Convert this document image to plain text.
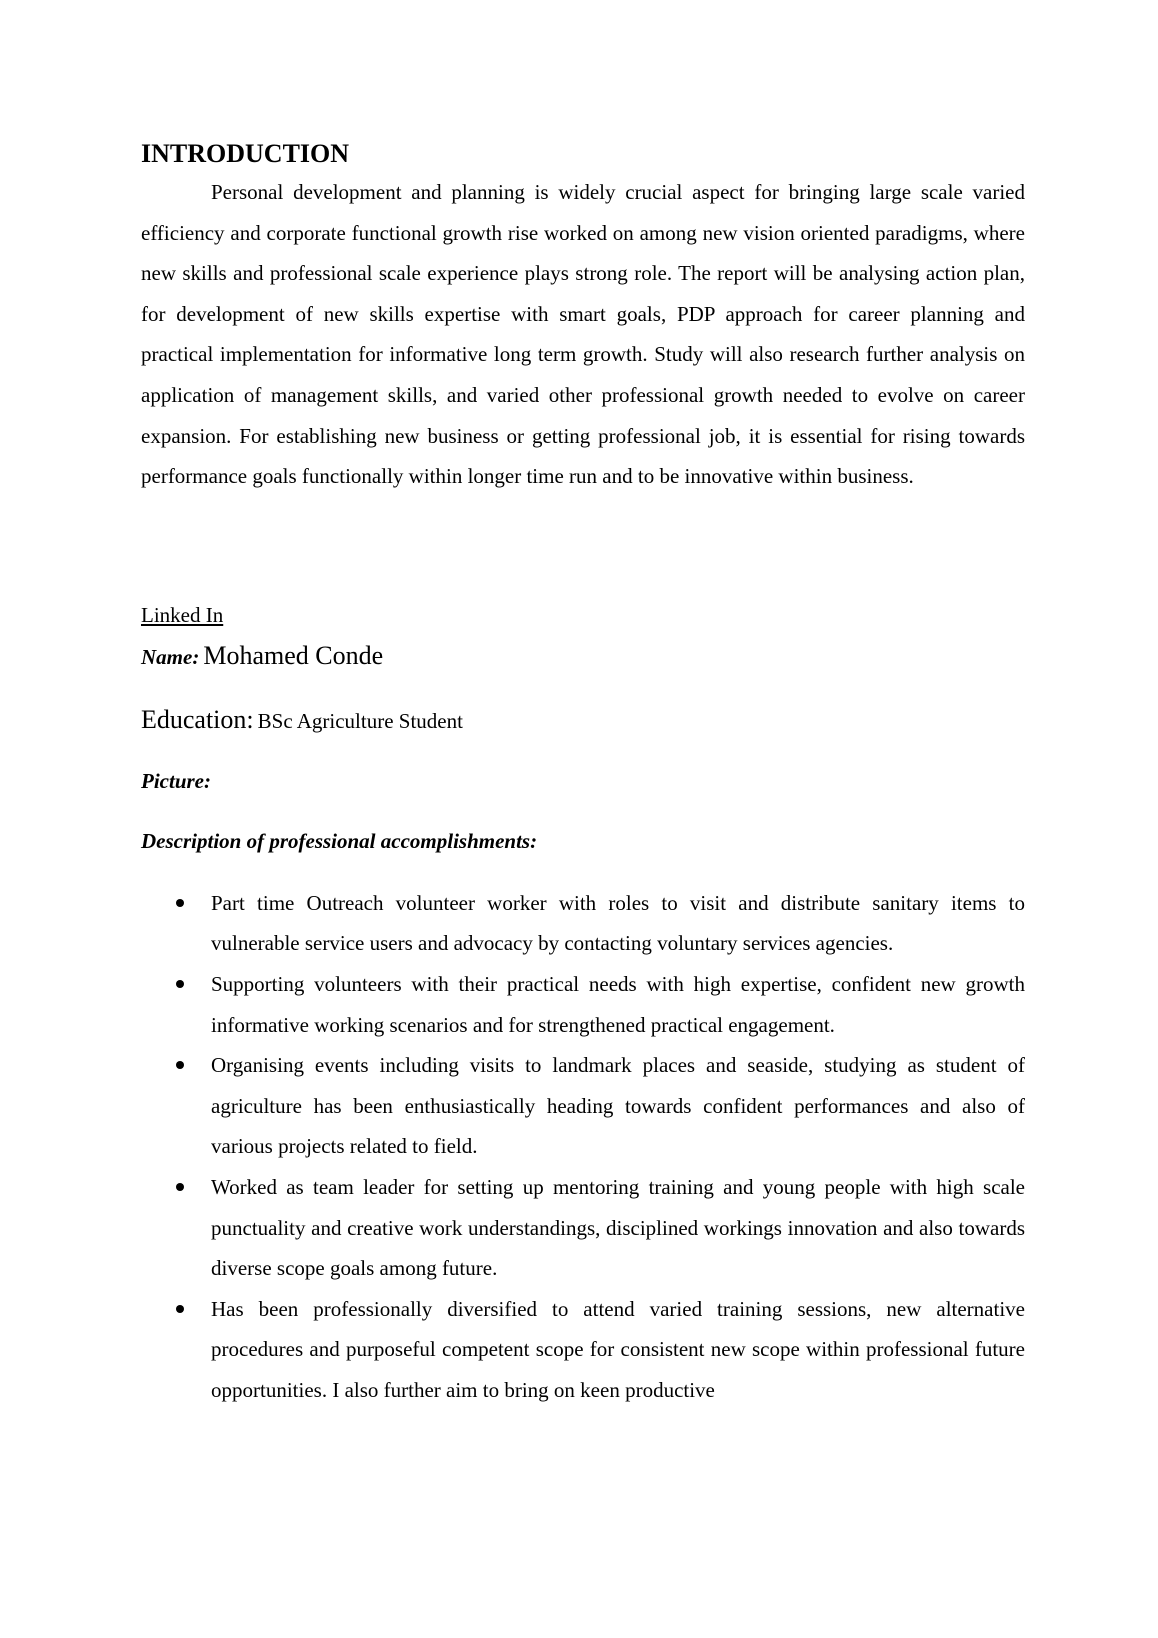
INTRODUCTION

Personal development and planning is widely crucial aspect for bringing large scale varied efficiency and corporate functional growth rise worked on among new vision oriented paradigms, where new skills and professional scale experience plays strong role. The report will be analysing action plan, for development of new skills expertise with smart goals, PDP approach for career planning and practical implementation for informative long term growth. Study will also research further analysis on application of management skills, and varied other professional growth needed to evolve on career expansion. For establishing new business or getting professional job, it is essential for rising towards performance goals functionally within longer time run and to be innovative within business.

Linked In
Name: Mohamed Conde
Education: BSc Agriculture Student
Picture:
Description of professional accomplishments:
Part time Outreach volunteer worker with roles to visit and distribute sanitary items to vulnerable service users and advocacy by contacting voluntary services agencies.
Supporting volunteers with their practical needs with high expertise, confident new growth informative working scenarios and for strengthened practical engagement.
Organising events including visits to landmark places and seaside, studying as student of agriculture has been enthusiastically heading towards confident performances and also of various projects related to field.
Worked as team leader for setting up mentoring training and young people with high scale punctuality and creative work understandings, disciplined workings innovation and also towards diverse scope goals among future.
Has been professionally diversified to attend varied training sessions, new alternative procedures and purposeful competent scope for consistent new scope within professional future opportunities. I also further aim to bring on keen productive
